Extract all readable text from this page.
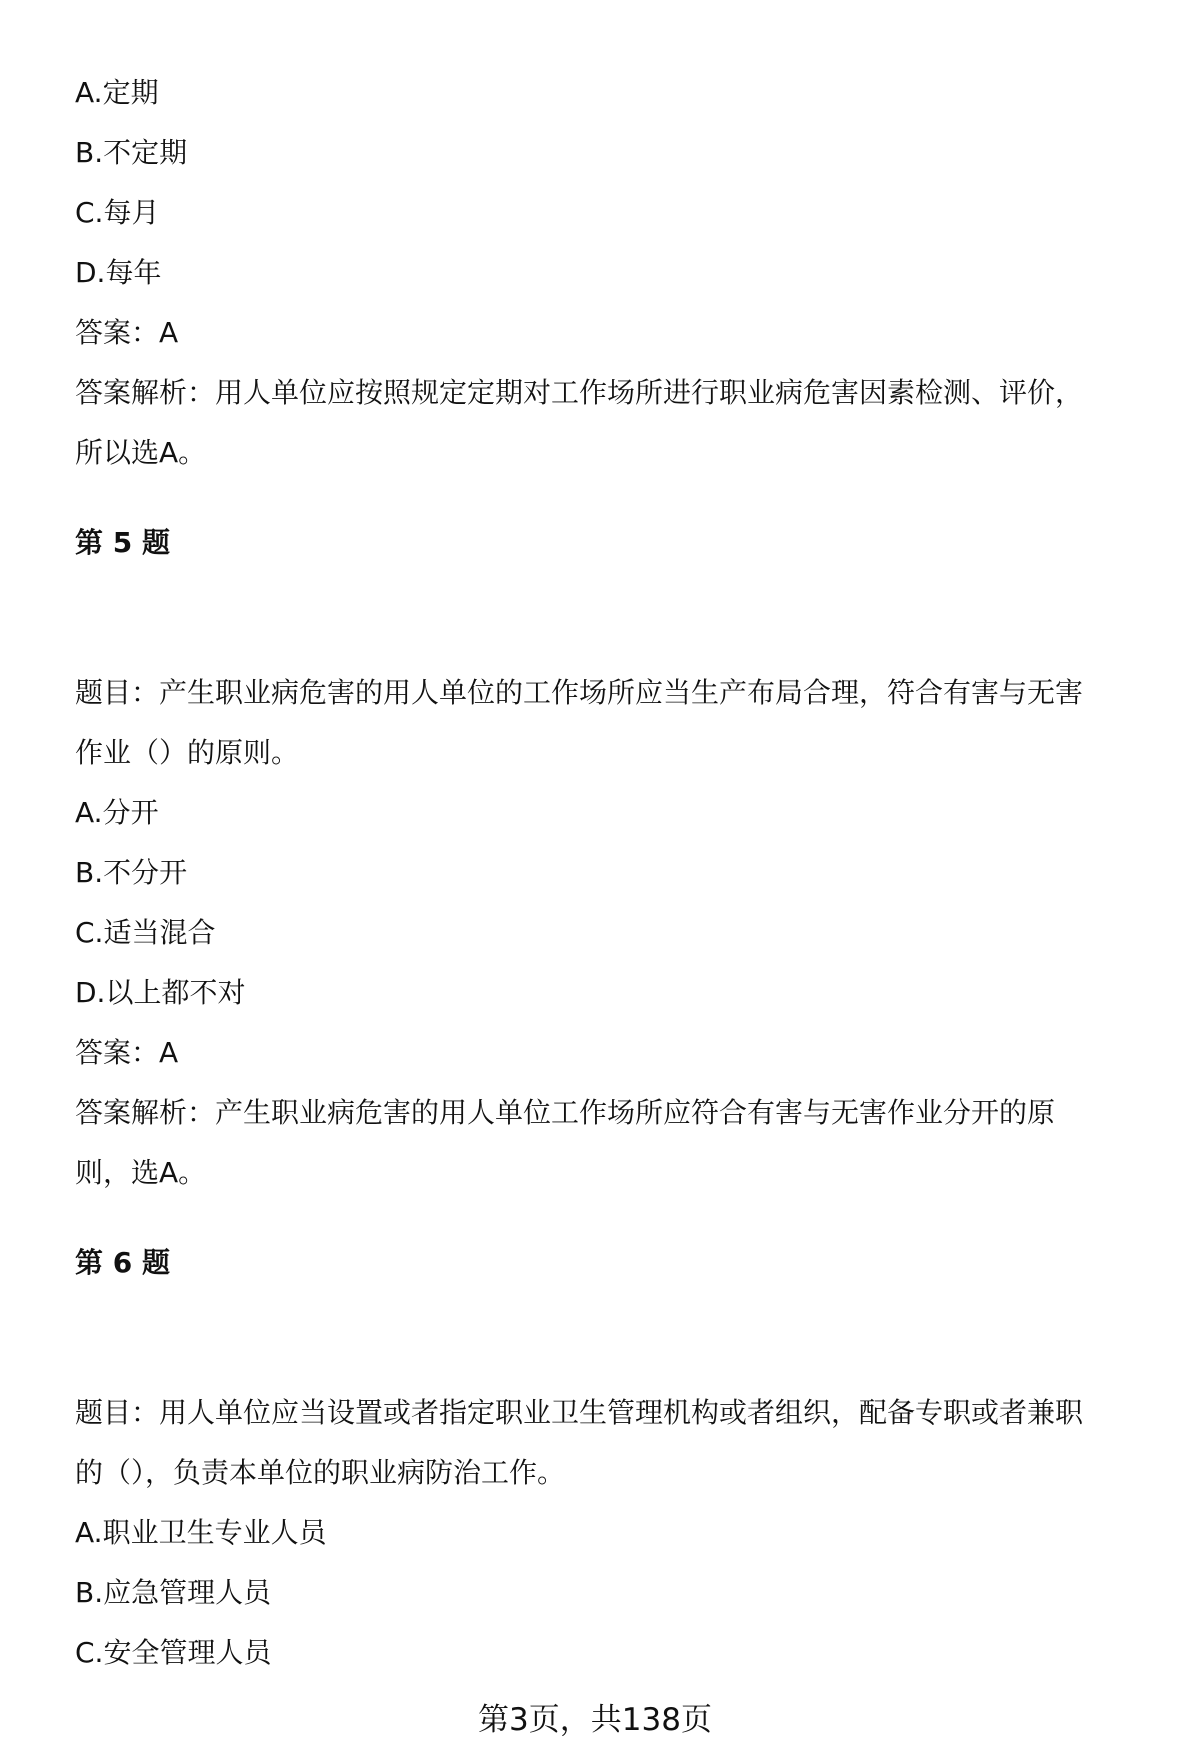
A.定期
B.不定期
C.每月
D.每年
答案：A
答案解析：用人单位应按照规定定期对工作场所进行职业病危害因素检测、评价，
所以选A。
第 5 题
题目：产生职业病危害的用人单位的工作场所应当生产布局合理，符合有害与无害
作业（）的原则。
A.分开
B.不分开
C.适当混合
D.以上都不对
答案：A
答案解析：产生职业病危害的用人单位工作场所应符合有害与无害作业分开的原
则，选A。
第 6 题
题目：用人单位应当设置或者指定职业卫生管理机构或者组织，配备专职或者兼职
的（），负责本单位的职业病防治工作。
A.职业卫生专业人员
B.应急管理人员
C.安全管理人员
第3页，共138页
